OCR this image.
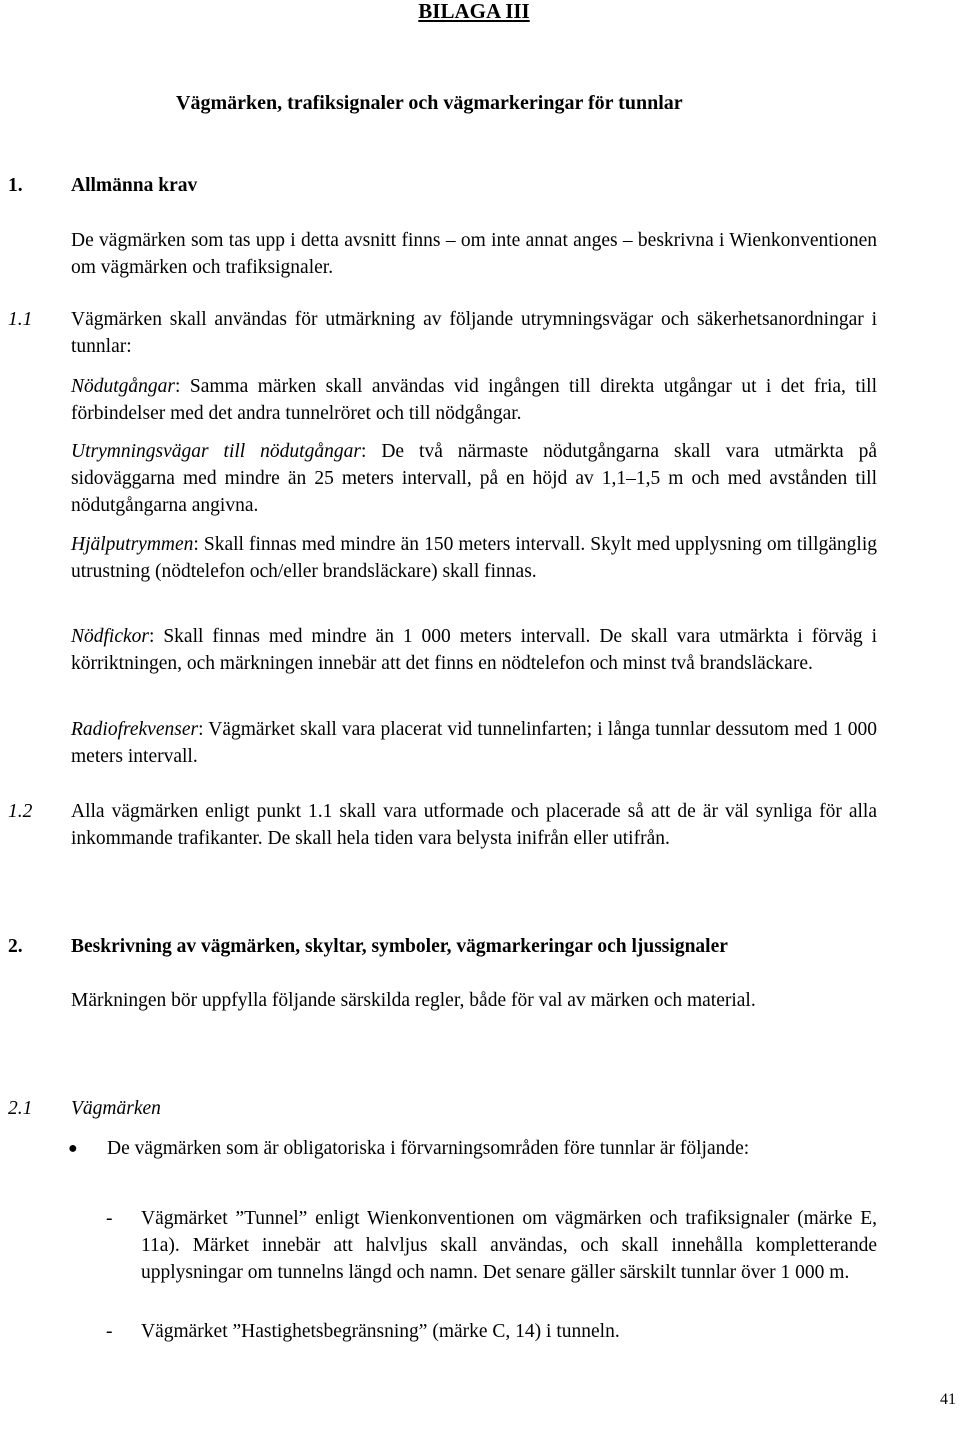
BILAGA III
Vägmärken, trafiksignaler och vägmarkeringar för tunnlar
1. Allmänna krav

De vägmärken som tas upp i detta avsnitt finns – om inte annat anges – beskrivna i Wienkonventionen om vägmärken och trafiksignaler.

1.1 Vägmärken skall användas för utmärkning av följande utrymningsvägar och säkerhetsanordningar i tunnlar:

Nödutgångar: Samma märken skall användas vid ingången till direkta utgångar ut i det fria, till förbindelser med det andra tunnelröret och till nödgångar.

Utrymningsvägar till nödutgångar: De två närmaste nödutgångarna skall vara utmärkta på sidoväggarna med mindre än 25 meters intervall, på en höjd av 1,1–1,5 m och med avstånden till nödutgångarna angivna.

Hjälputrymmen: Skall finnas med mindre än 150 meters intervall. Skylt med upplysning om tillgänglig utrustning (nödtelefon och/eller brandsläckare) skall finnas.

Nödfickor: Skall finnas med mindre än 1 000 meters intervall. De skall vara utmärkta i förväg i körriktningen, och märkningen innebär att det finns en nödtelefon och minst två brandsläckare.

Radiofrekvenser: Vägmärket skall vara placerat vid tunnelinfarten; i långa tunnlar dessutom med 1 000 meters intervall.

1.2 Alla vägmärken enligt punkt 1.1 skall vara utformade och placerade så att de är väl synliga för alla inkommande trafikanter. De skall hela tiden vara belysta inifrån eller utifrån.

2. Beskrivning av vägmärken, skyltar, symboler, vägmarkeringar och ljussignaler

Märkningen bör uppfylla följande särskilda regler, både för val av märken och material.

2.1 Vägmärken
● De vägmärken som är obligatoriska i förvarningsområden före tunnlar är följande:

- Vägmärket ”Tunnel” enligt Wienkonventionen om vägmärken och trafiksignaler (märke E, 11a). Märket innebär att halvljus skall användas, och skall innehålla kompletterande upplysningar om tunnelns längd och namn. Det senare gäller särskilt tunnlar över 1 000 m.

- Vägmärket ”Hastighetsbegränsning” (märke C, 14) i tunneln.

41
